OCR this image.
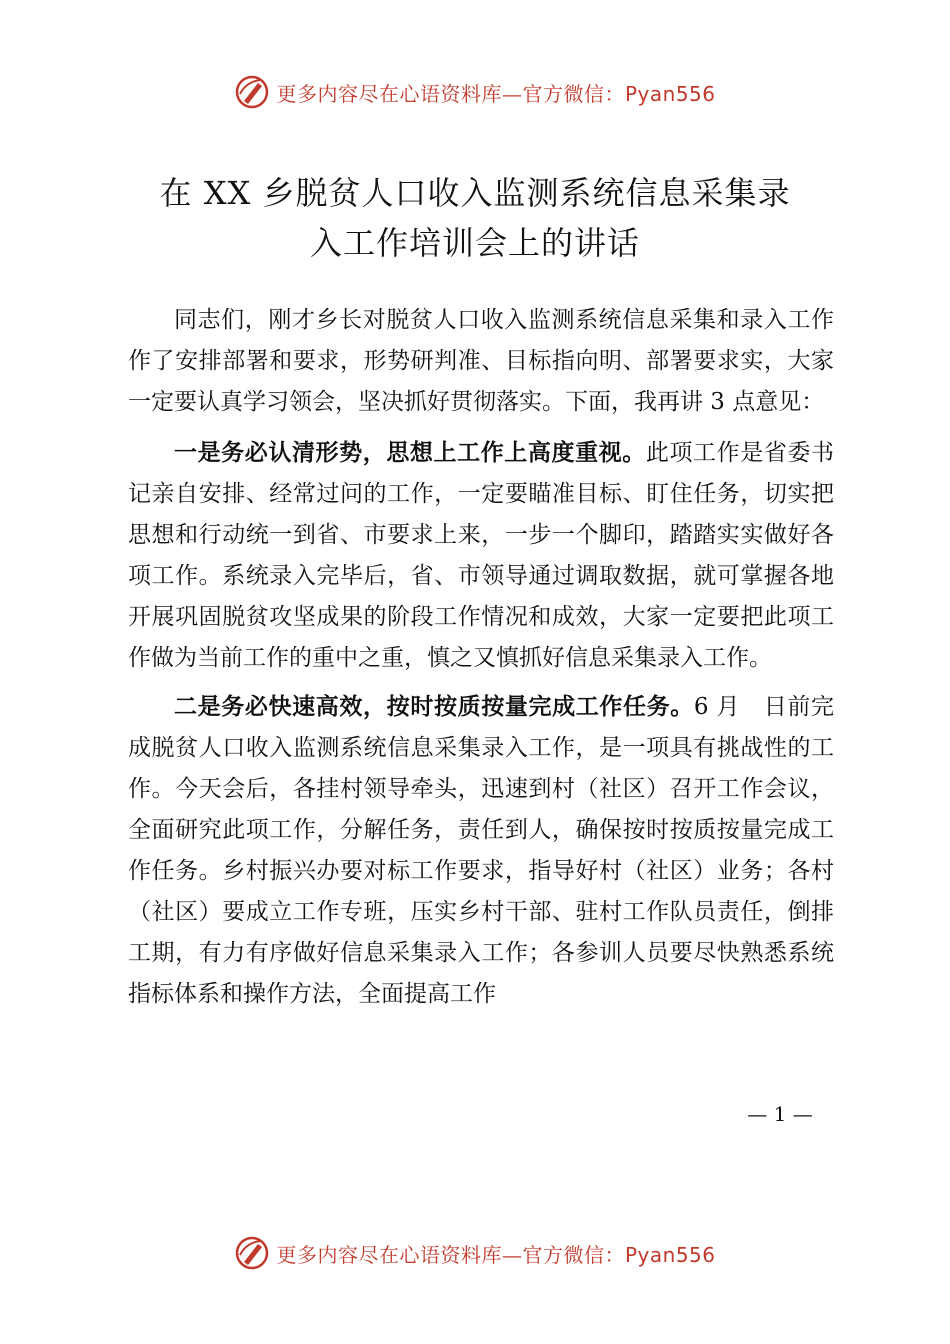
更多内容尽在心语资料库—官方微信：Pyan556
在 XX 乡脱贫人口收入监测系统信息采集录
入工作培训会上的讲话

同志们，刚才乡长对脱贫人口收入监测系统信息采集和录入工作作了安排部署和要求，形势研判准、目标指向明、部署要求实，大家一定要认真学习领会，坚决抓好贯彻落实。下面，我再讲 3 点意见：

一是务必认清形势，思想上工作上高度重视。此项工作是省委书记亲自安排、经常过问的工作，一定要瞄准目标、盯住任务，切实把思想和行动统一到省、市要求上来，一步一个脚印，踏踏实实做好各项工作。系统录入完毕后，省、市领导通过调取数据，就可掌握各地开展巩固脱贫攻坚成果的阶段工作情况和成效，大家一定要把此项工作做为当前工作的重中之重，慎之又慎抓好信息采集录入工作。

二是务必快速高效，按时按质按量完成工作任务。6 月　日前完成脱贫人口收入监测系统信息采集录入工作，是一项具有挑战性的工作。今天会后，各挂村领导牵头，迅速到村（社区）召开工作会议，全面研究此项工作，分解任务，责任到人，确保按时按质按量完成工作任务。乡村振兴办要对标工作要求，指导好村（社区）业务；各村（社区）要成立工作专班，压实乡村干部、驻村工作队员责任，倒排工期，有力有序做好信息采集录入工作；各参训人员要尽快熟悉系统指标体系和操作方法，全面提高工作

— 1 —
更多内容尽在心语资料库—官方微信：Pyan556
